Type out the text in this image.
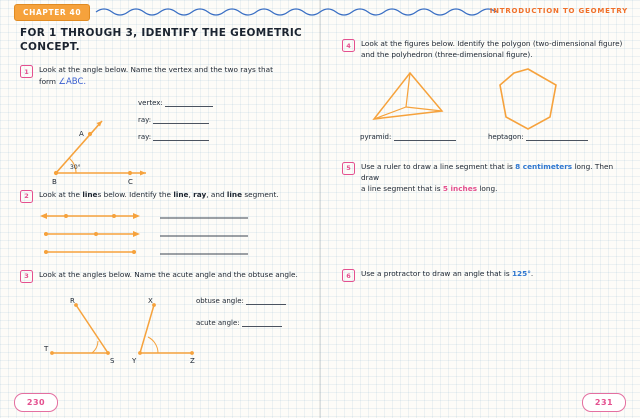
CHAPTER 40	INTRODUCTION TO GEOMETRY
FOR 1 THROUGH 3, IDENTIFY THE GEOMETRIC CONCEPT.
1	Look at the angle below. Name the vertex and the two rays that
form ∠ABC.
A
B	C
30°
vertex:
ray:
ray:
2	Look at the lines below. Identify the line, ray, and line segment.
3	Look at the angles below. Name the acute angle and the obtuse angle.
R
T
S
X
Y	Z
obtuse angle:
acute angle:
4	Look at the figures below. Identify the polygon (two-dimensional figure)
and the polyhedron (three-dimensional figure).
pyramid:	heptagon:
5	Use a ruler to draw a line segment that is 8 centimeters long. Then draw
a line segment that is 5 inches long.
6	Use a protractor to draw an angle that is 125°.
230	231
